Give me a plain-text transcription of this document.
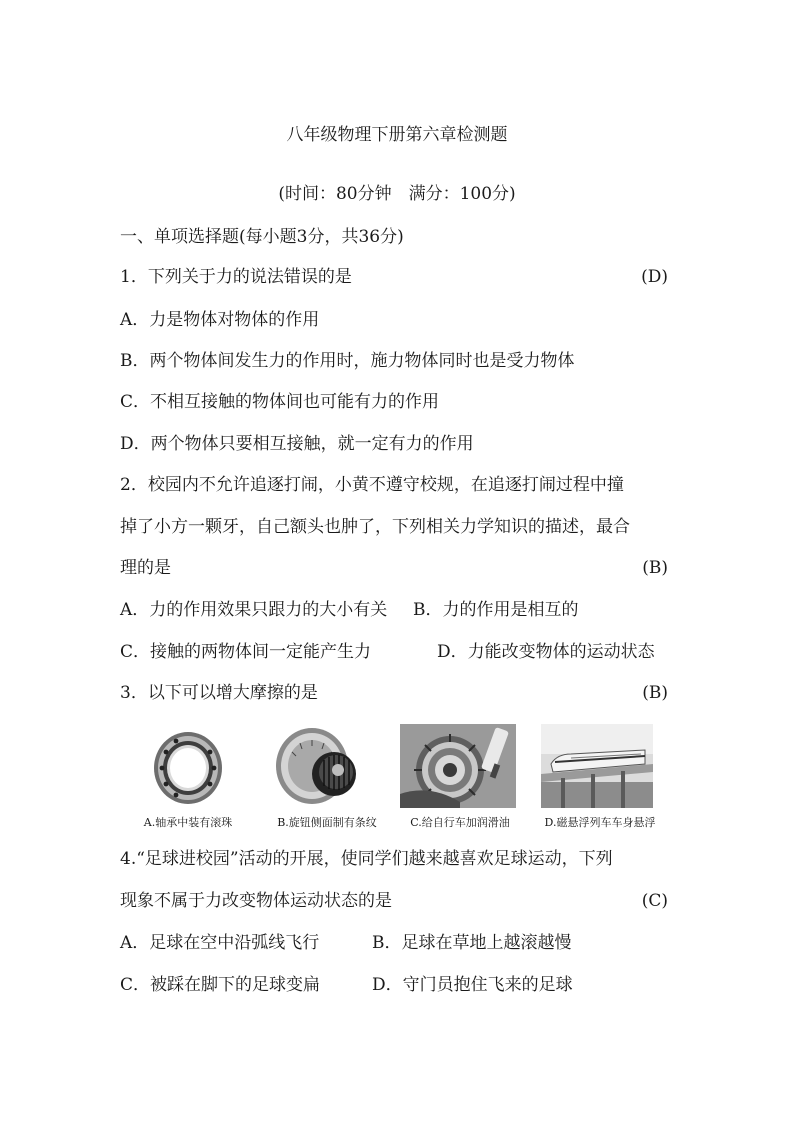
八年级物理下册第六章检测题
(时间：80分钟　满分：100分)
一、单项选择题(每小题3分，共36分)
1．下列关于力的说法错误的是	(D)
A．力是物体对物体的作用
B．两个物体间发生力的作用时，施力物体同时也是受力物体
C．不相互接触的物体间也可能有力的作用
D．两个物体只要相互接触，就一定有力的作用
2．校园内不允许追逐打闹，小黄不遵守校规，在追逐打闹过程中撞
掉了小方一颗牙，自己额头也肿了，下列相关力学知识的描述，最合
理的是	(B)
A．力的作用效果只跟力的大小有关 B．力的作用是相互的
C．接触的两物体间一定能产生力	D．力能改变物体的运动状态
3．以下可以增大摩擦的是	(B)
A.轴承中装有滚珠	B.旋钮侧面制有条纹	C.给自行车加润滑油	D.磁悬浮列车车身悬浮
4.“足球进校园”活动的开展，使同学们越来越喜欢足球运动，下列
现象不属于力改变物体运动状态的是	(C)
A．足球在空中沿弧线飞行	B．足球在草地上越滚越慢
C．被踩在脚下的足球变扁	D．守门员抱住飞来的足球
